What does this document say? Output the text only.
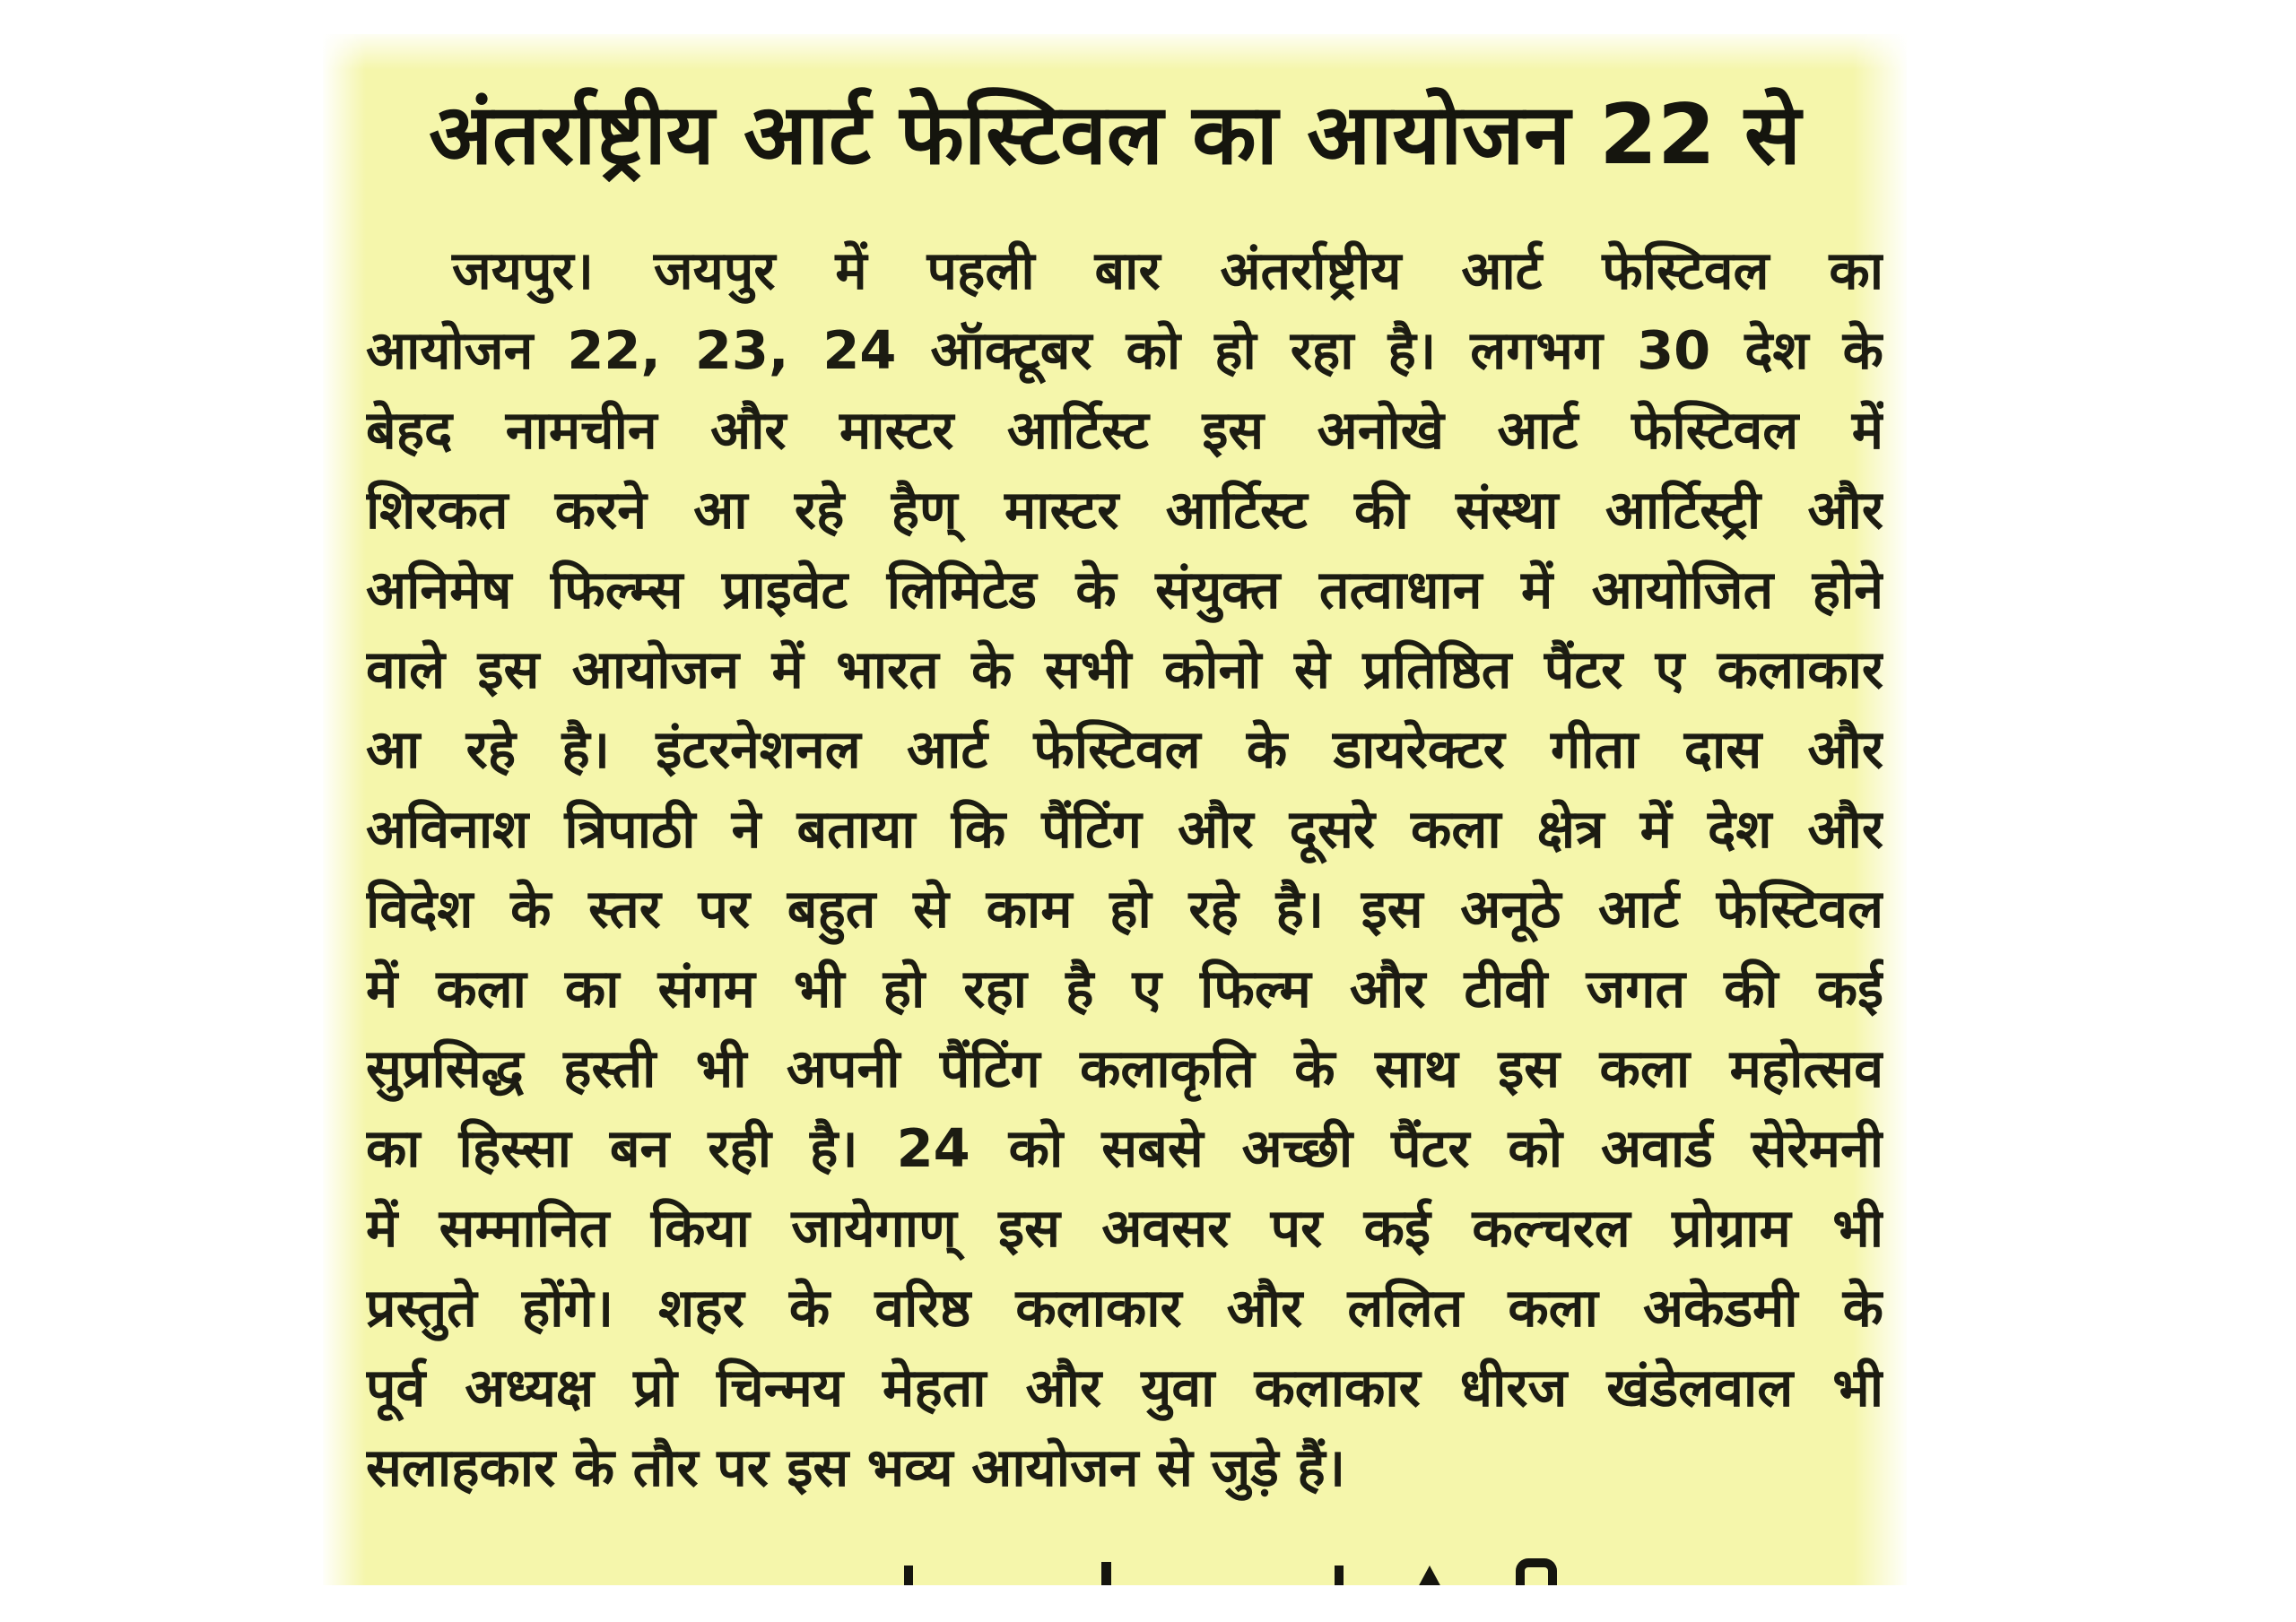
अंतर्राष्ट्रीय आर्ट फेस्टिवल का आयोजन 22 से
जयपुर। जयपुर में पहली बार अंतर्राष्ट्रीय आर्ट फेस्टिवल का
आयोजन 22, 23, 24 ऑक्टूबर को हो रहा है। लगभग 30 देश के
बेहद नामचीन और मास्टर आर्टिस्ट इस अनोखे आर्ट फेस्टिवल में
शिरकत करने आ रहे हैण् मास्टर आर्टिस्ट की संस्था आर्टिस्ट्री और
अनिमेष फिल्म्स प्राइवेट लिमिटेड के संयुक्त तत्वाधान में आयोजित होने
वाले इस आयोजन में भारत के सभी कोनो से प्रतिष्ठित पैंटर ए कलाकार
आ रहे है। इंटरनेशनल आर्ट फेस्टिवल के डायरेक्टर गीता दास और
अविनाश त्रिपाठी ने बताया कि पैंटिंग और दूसरे कला क्षेत्र में देश और
विदेश के स्तर पर बहुत से काम हो रहे है। इस अनूठे आर्ट फेस्टिवल
में कला का संगम भी हो रहा है ए फिल्म और टीवी जगत की कई
सुप्रसिद्ध हस्ती भी अपनी पैंटिंग कलाकृति के साथ इस कला महोत्सव
का हिस्सा बन रही है। 24 को सबसे अच्छी पैंटर को अवार्ड सेरेमनी
में सम्मानित किया जायेगाण् इस अवसर पर कई कल्चरल प्रोग्राम भी
प्रस्तुते होंगे। शहर के वरिष्ठ कलाकार और ललित कला अकेडमी के
पूर्व अध्यक्ष प्रो चिन्मय मेहता और युवा कलाकार धीरज खंडेलवाल भी
सलाहकार के तौर पर इस भव्य आयोजन से जुड़े हैं।
